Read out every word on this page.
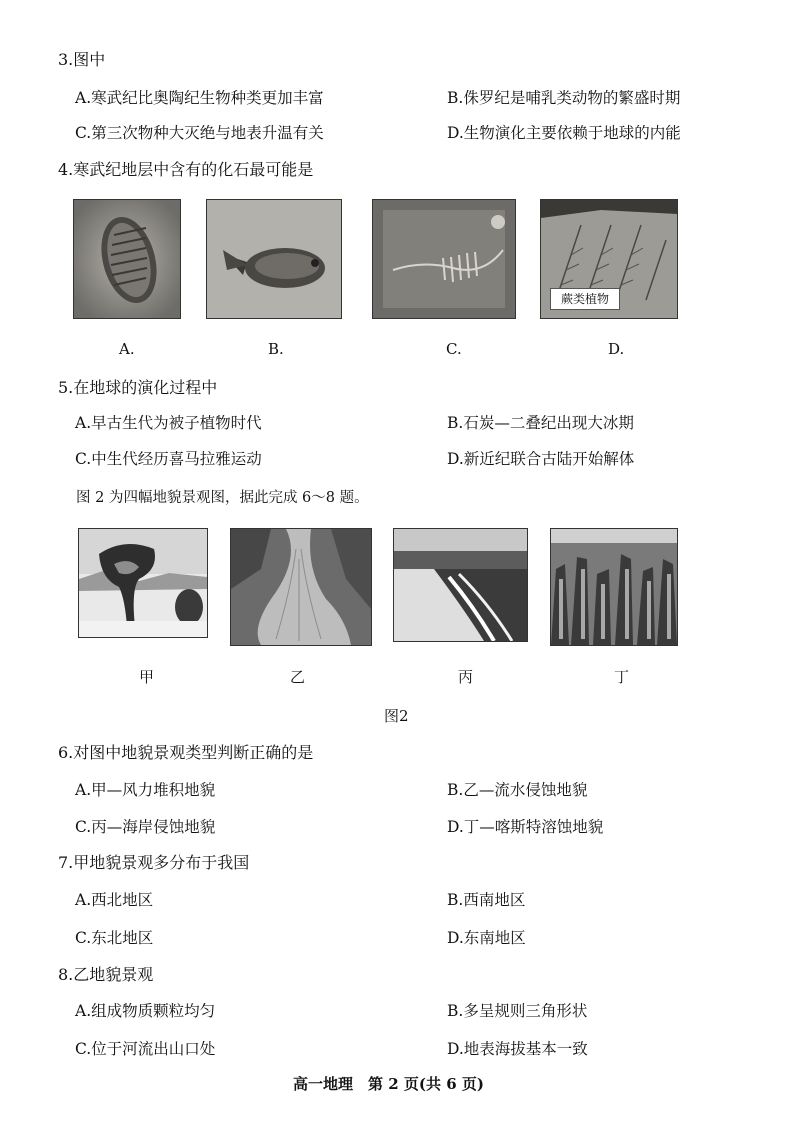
3.图中
A.寒武纪比奥陶纪生物种类更加丰富	B.侏罗纪是哺乳类动物的繁盛时期
C.第三次物种大灭绝与地表升温有关	D.生物演化主要依赖于地球的内能
4.寒武纪地层中含有的化石最可能是
蕨类植物
A.	B.	C.	D.
5.在地球的演化过程中
A.早古生代为被子植物时代	B.石炭—二叠纪出现大冰期
C.中生代经历喜马拉雅运动	D.新近纪联合古陆开始解体
图 2 为四幅地貌景观图，据此完成 6～8 题。
甲	乙	丙	丁
图2
6.对图中地貌景观类型判断正确的是
A.甲—风力堆积地貌	B.乙—流水侵蚀地貌
C.丙—海岸侵蚀地貌	D.丁—喀斯特溶蚀地貌
7.甲地貌景观多分布于我国
A.西北地区	B.西南地区
C.东北地区	D.东南地区
8.乙地貌景观
A.组成物质颗粒均匀	B.多呈规则三角形状
C.位于河流出山口处	D.地表海拔基本一致
高一地理　第 2 页(共 6 页)
